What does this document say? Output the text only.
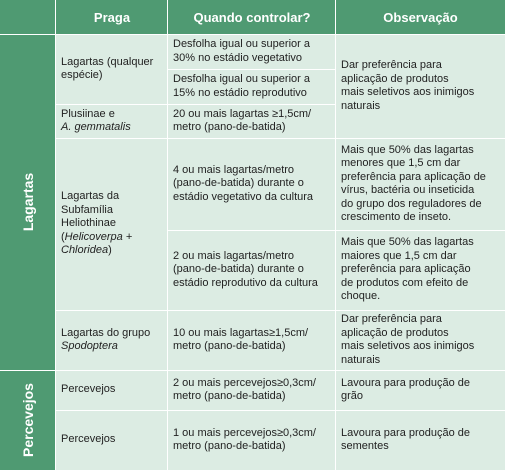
Praga	Quando controlar?	Observação
Lagartas
Percevejos
Lagartas (qualquer
espécie)
Desfolha igual ou superior a
30% no estádio vegetativo
Desfolha igual ou superior a
15% no estádio reprodutivo
Dar preferência para
aplicação de produtos
mais seletivos aos inimigos
naturais
Plusiinae e
A. gemmatalis
20 ou mais lagartas ≥1,5cm/
metro (pano-de-batida)
Lagartas da
Subfamília
Heliothinae
(Helicoverpa +
Chloridea)
4 ou mais lagartas/metro
(pano-de-batida) durante o
estádio vegetativo da cultura
Mais que 50% das lagartas
menores que 1,5 cm dar
preferência para aplicação de
vírus, bactéria ou inseticida
do grupo dos reguladores de
crescimento de inseto.
2 ou mais lagartas/metro
(pano-de-batida) durante o
estádio reprodutivo da cultura
Mais que 50% das lagartas
maiores que 1,5 cm dar
preferência para aplicação
de produtos com efeito de
choque.
Lagartas do grupo
Spodoptera
10 ou mais lagartas≥1,5cm/
metro (pano-de-batida)
Dar preferência para
aplicação de produtos
mais seletivos aos inimigos
naturais
Percevejos
2 ou mais percevejos≥0,3cm/
metro (pano-de-batida)
Lavoura para produção de
grão
Percevejos
1 ou mais percevejos≥0,3cm/
metro (pano-de-batida)
Lavoura para produção de
sementes
